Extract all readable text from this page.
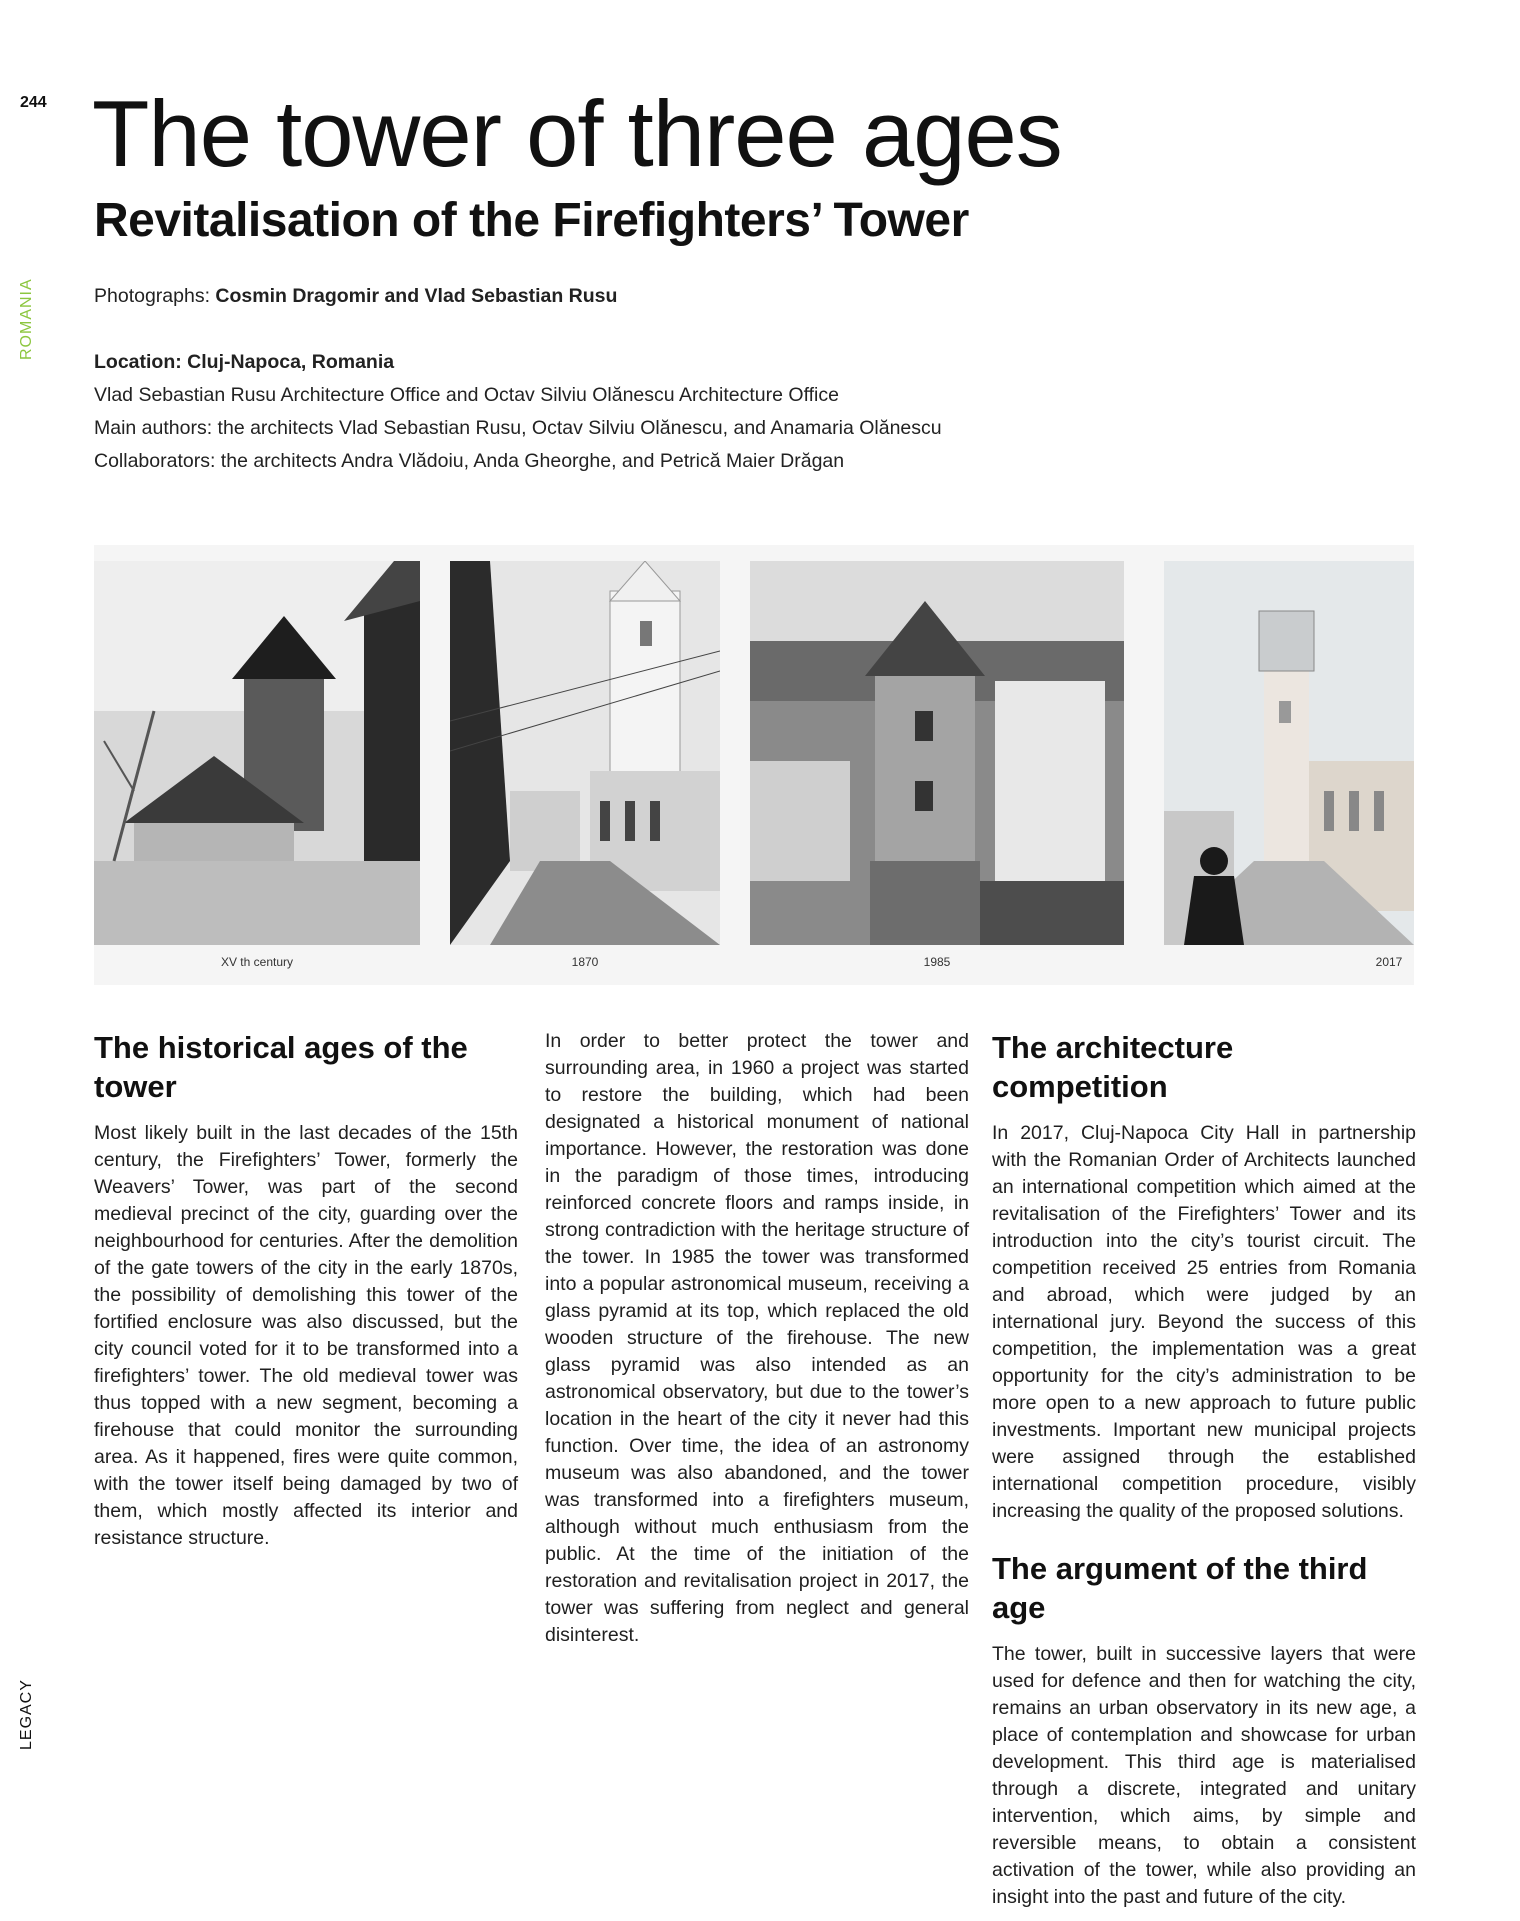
244
ROMANIA
LEGACY
The tower of three ages
Revitalisation of the Firefighters’ Tower

Photographs: Cosmin Dragomir and Vlad Sebastian Rusu

Location: Cluj-Napoca, Romania

Vlad Sebastian Rusu Architecture Office and Octav Silviu Olănescu Architecture Office

Main authors: the architects Vlad Sebastian Rusu, Octav Silviu Olănescu, and Anamaria Olănescu

Collaborators: the architects Andra Vlădoiu, Anda Gheorghe, and Petrică Maier Drăgan

XV th century	1870	1985	2017
The historical ages of the tower

Most likely built in the last decades of the 15th century, the Firefighters’ Tower, formerly the Weavers’ Tower, was part of the second medieval precinct of the city, guarding over the neighbourhood for centuries. After the demolition of the gate towers of the city in the early 1870s, the possibility of demolishing this tower of the fortified enclosure was also discussed, but the city council voted for it to be transformed into a firefighters’ tower. The old medieval tower was thus topped with a new segment, becoming a firehouse that could monitor the surrounding area. As it happened, fires were quite common, with the tower itself being damaged by two of them, which mostly affected its interior and resistance structure.

In order to better protect the tower and surrounding area, in 1960 a project was started to restore the building, which had been designated a historical monument of national importance. However, the restoration was done in the paradigm of those times, introducing reinforced concrete floors and ramps inside, in strong contradiction with the heritage structure of the tower. In 1985 the tower was transformed into a popular astronomical museum, receiving a glass pyramid at its top, which replaced the old wooden structure of the firehouse. The new glass pyramid was also intended as an astronomical observatory, but due to the tower’s location in the heart of the city it never had this function. Over time, the idea of an astronomy museum was also abandoned, and the tower was transformed into a firefighters museum, although without much enthusiasm from the public. At the time of the initiation of the restoration and revitalisation project in 2017, the tower was suffering from neglect and general disinterest.

The architecture competition

In 2017, Cluj-Napoca City Hall in partnership with the Romanian Order of Architects launched an international competition which aimed at the revitalisation of the Firefighters’ Tower and its introduction into the city’s tourist circuit. The competition received 25 entries from Romania and abroad, which were judged by an international jury. Beyond the success of this competition, the implementation was a great opportunity for the city’s administration to be more open to a new approach to future public investments. Important new municipal projects were assigned through the established international competition procedure, visibly increasing the quality of the proposed solutions.

The argument of the third age

The tower, built in successive layers that were used for defence and then for watching the city, remains an urban observatory in its new age, a place of contemplation and showcase for urban development. This third age is materialised through a discrete, integrated and unitary intervention, which aims, by simple and reversible means, to obtain a consistent activation of the tower, while also providing an insight into the past and future of the city.
